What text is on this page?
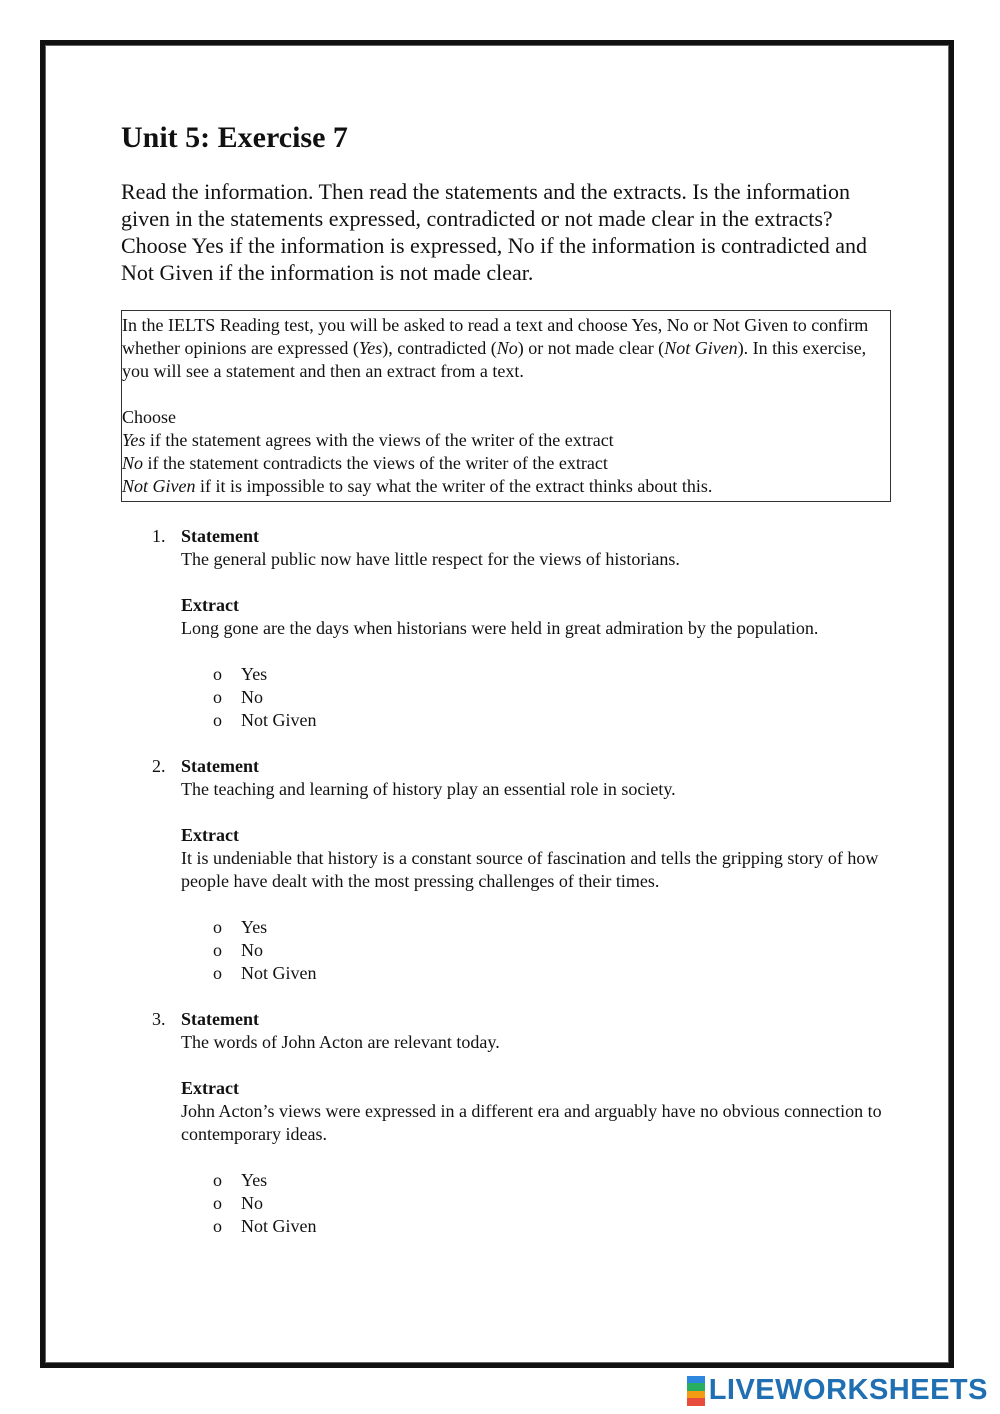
Unit 5: Exercise 7

Read the information. Then read the statements and the extracts. Is the information given in the statements expressed, contradicted or not made clear in the extracts? Choose Yes if the information is expressed, No if the information is contradicted and Not Given if the information is not made clear.

In the IELTS Reading test, you will be asked to read a text and choose Yes, No or Not Given to confirm whether opinions are expressed (Yes), contradicted (No) or not made clear (Not Given). In this exercise, you will see a statement and then an extract from a text.
Choose
Yes if the statement agrees with the views of the writer of the extract
No if the statement contradicts the views of the writer of the extract
Not Given if it is impossible to say what the writer of the extract thinks about this.
1. Statement
The general public now have little respect for the views of historians.
Extract
Long gone are the days when historians were held in great admiration by the population.
o Yes
o No
o Not Given
2. Statement
The teaching and learning of history play an essential role in society.
Extract
It is undeniable that history is a constant source of fascination and tells the gripping story of how people have dealt with the most pressing challenges of their times.
o Yes
o No
o Not Given
3. Statement
The words of John Acton are relevant today.
Extract
John Acton’s views were expressed in a different era and arguably have no obvious connection to contemporary ideas.
o Yes
o No
o Not Given
LIVEWORKSHEETS
